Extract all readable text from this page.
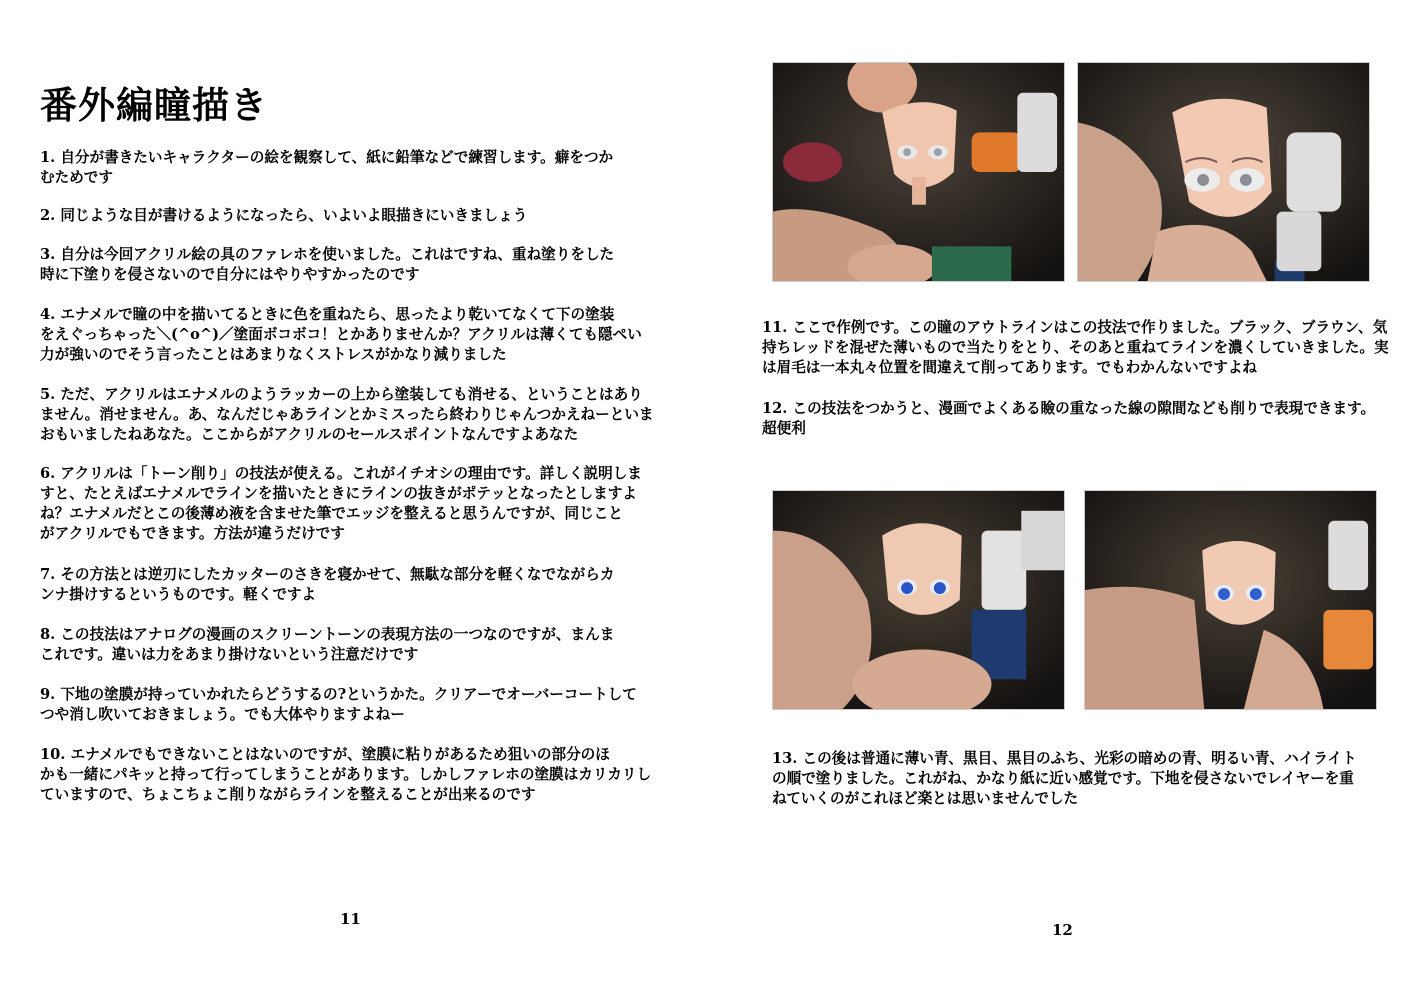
番外編瞳描き
1. 自分が書きたいキャラクターの絵を観察して、紙に鉛筆などで練習します。癖をつか
むためです
2. 同じような目が書けるようになったら、いよいよ眼描きにいきましょう
3. 自分は今回アクリル絵の具のファレホを使いました。これはですね、重ね塗りをした
時に下塗りを侵さないので自分にはやりやすかったのです
4. エナメルで瞳の中を描いてるときに色を重ねたら、思ったより乾いてなくて下の塗装
をえぐっちゃった＼(^o^)／塗面ボコボコ！とかありませんか？アクリルは薄くても隠ぺい
力が強いのでそう言ったことはあまりなくストレスがかなり減りました
5. ただ、アクリルはエナメルのようラッカーの上から塗装しても消せる、ということはあり
ません。消せません。あ、なんだじゃあラインとかミスったら終わりじゃんつかえねーといま
おもいましたねあなた。ここからがアクリルのセールスポイントなんですよあなた
6. アクリルは「トーン削り」の技法が使える。これがイチオシの理由です。詳しく説明しま
すと、たとえばエナメルでラインを描いたときにラインの抜きがポテッとなったとしますよ
ね？エナメルだとこの後薄め液を含ませた筆でエッジを整えると思うんですが、同じこと
がアクリルでもできます。方法が違うだけです
7. その方法とは逆刃にしたカッターのさきを寝かせて、無駄な部分を軽くなでながらカ
ンナ掛けするというものです。軽くですよ
8. この技法はアナログの漫画のスクリーントーンの表現方法の一つなのですが、まんま
これです。違いは力をあまり掛けないという注意だけです
9. 下地の塗膜が持っていかれたらどうするの?というかた。クリアーでオーバーコートして
つや消し吹いておきましょう。でも大体やりますよねー
10. エナメルでもできないことはないのですが、塗膜に粘りがあるため狙いの部分のほ
かも一緒にパキッと持って行ってしまうことがあります。しかしファレホの塗膜はカリカリし
ていますので、ちょこちょこ削りながらラインを整えることが出来るのです
11
11. ここで作例です。この瞳のアウトラインはこの技法で作りました。ブラック、ブラウン、気
持ちレッドを混ぜた薄いもので当たりをとり、そのあと重ねてラインを濃くしていきました。実
は眉毛は一本丸々位置を間違えて削ってあります。でもわかんないですよね
12. この技法をつかうと、漫画でよくある瞼の重なった線の隙間なども削りで表現できます。
超便利
13. この後は普通に薄い青、黒目、黒目のふち、光彩の暗めの青、明るい青、ハイライト
の順で塗りました。これがね、かなり紙に近い感覚です。下地を侵さないでレイヤーを重
ねていくのがこれほど楽とは思いませんでした
12
